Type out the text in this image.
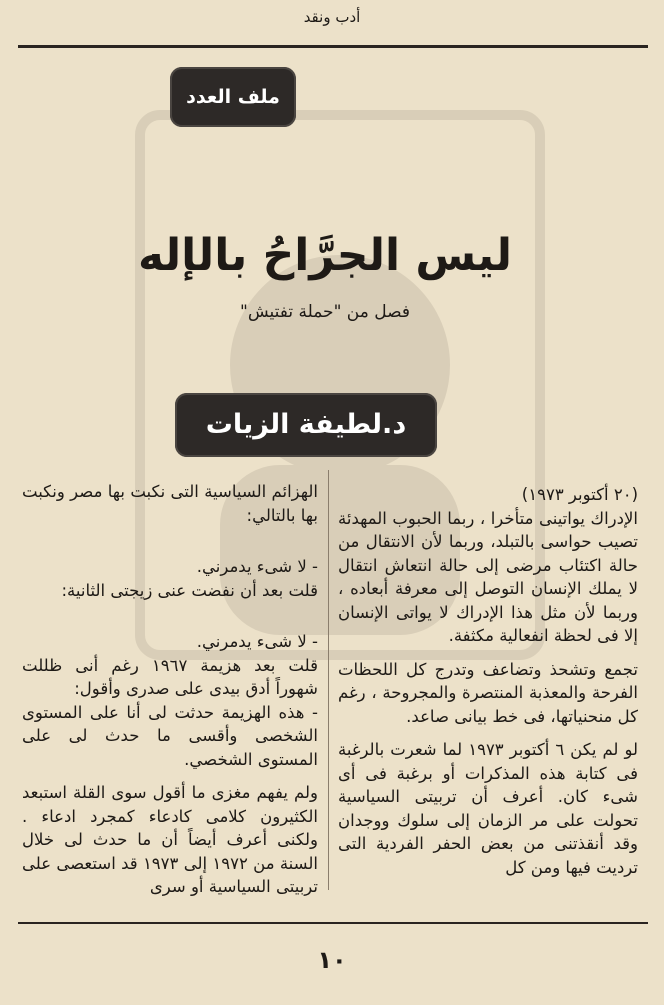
أدب ونقد
ملف العدد
ليس الجرَّاحُ بالإله
فصل من "حملة تفتيش"
د.لطيفة الزيات

(٢٠ أكتوبر ١٩٧٣)

الإدراك يواتينى متأخرا ، ربما الحبوب المهدئة تصيب حواسى بالتبلد، وربما لأن الانتقال من حالة اكتئاب مرضى إلى حالة انتعاش انتقال لا يملك الإنسان التوصل إلى معرفة أبعاده ، وربما لأن مثل هذا الإدراك لا يواتى الإنسان إلا فى لحظة انفعالية مكثفة.

تجمع وتشحذ وتضاعف وتدرج كل اللحظات الفرحة والمعذبة المنتصرة والمجروحة ، رغم كل منحنياتها، فى خط بيانى صاعد.

لو لم يكن ٦ أكتوبر ١٩٧٣ لما شعرت بالرغبة فى كتابة هذه المذكرات أو برغبة فى أى شىء كان. أعرف أن تربيتى السياسية تحولت على مر الزمان إلى سلوك ووجدان وقد أنقذتنى من بعض الحفر الفردية التى ترديت فيها ومن كل

الهزائم السياسية التى نكبت بها مصر ونكبت بها بالتالي:

- لا شىء يدمرني.

قلت بعد أن نفضت عنى زيجتى الثانية:

- لا شىء يدمرني.

قلت بعد هزيمة ١٩٦٧ رغم أنى ظللت شهوراً أدق بيدى على صدرى وأقول:

- هذه الهزيمة حدثت لى أنا على المستوى الشخصى وأقسى ما حدث لى على المستوى الشخصي.

ولم يفهم مغزى ما أقول سوى القلة استبعد الكثيرون كلامى كادعاء كمجرد ادعاء . ولكنى أعرف أيضاً أن ما حدث لى خلال السنة من ١٩٧٢ إلى ١٩٧٣ قد استعصى على تربيتى السياسية أو سرى

١٠
